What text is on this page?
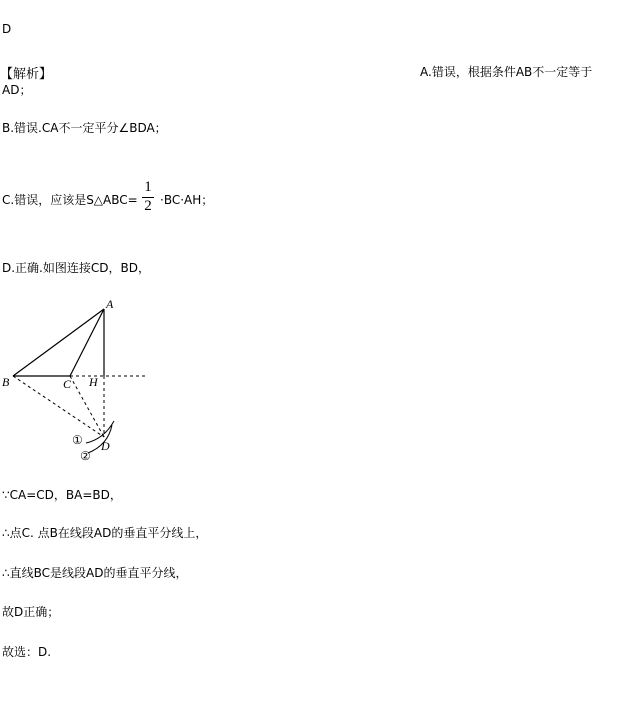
D
【解析】	A.错误，根据条件AB不一定等于
AD；
B.错误.CA不一定平分∠BDA；
C.错误，应该是S△ABC=
1
2 ·BC·AH；
D.正确.如图连接CD，BD，
A
B	C H
D
①
②
∵CA=CD，BA=BD，
∴点C. 点B在线段AD的垂直平分线上，
∴直线BC是线段AD的垂直平分线，
故D正确；
故选：D.
